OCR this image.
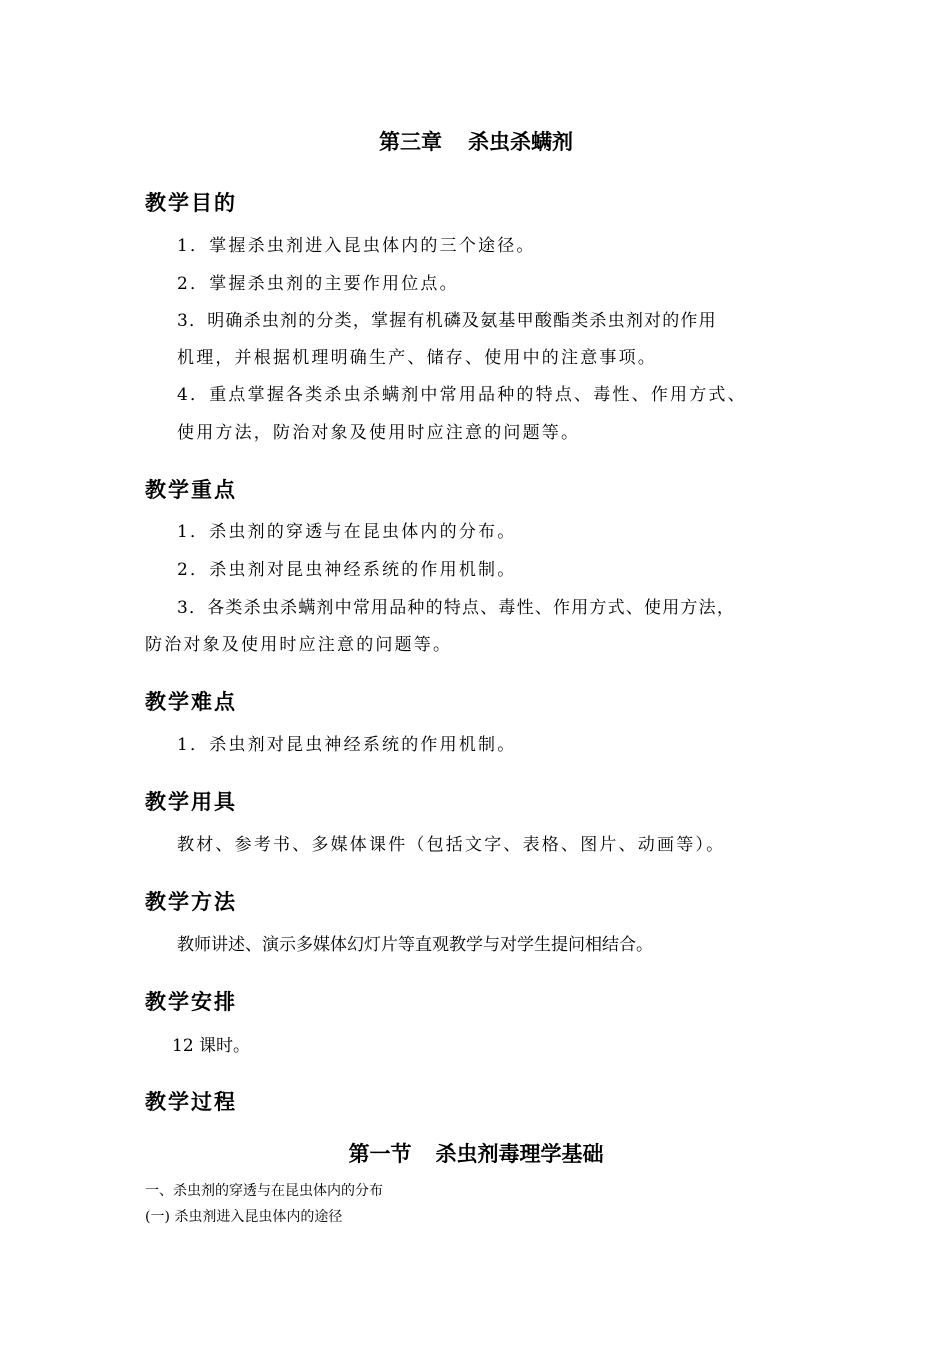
第三章 杀虫杀螨剂
教学目的

1．掌握杀虫剂进入昆虫体内的三个途径。

2．掌握杀虫剂的主要作用位点。

3．明确杀虫剂的分类，掌握有机磷及氨基甲酸酯类杀虫剂对的作用

机理，并根据机理明确生产、储存、使用中的注意事项。

4．重点掌握各类杀虫杀螨剂中常用品种的特点、毒性、作用方式、

使用方法，防治对象及使用时应注意的问题等。

教学重点

1．杀虫剂的穿透与在昆虫体内的分布。

2．杀虫剂对昆虫神经系统的作用机制。

3．各类杀虫杀螨剂中常用品种的特点、毒性、作用方式、使用方法，

防治对象及使用时应注意的问题等。

教学难点

1．杀虫剂对昆虫神经系统的作用机制。

教学用具

教材、参考书、多媒体课件（包括文字、表格、图片、动画等）。

教学方法

教师讲述、演示多媒体幻灯片等直观教学与对学生提问相结合。

教学安排

12 课时。

教学过程
第一节 杀虫剂毒理学基础

一、杀虫剂的穿透与在昆虫体内的分布

(一) 杀虫剂进入昆虫体内的途径
